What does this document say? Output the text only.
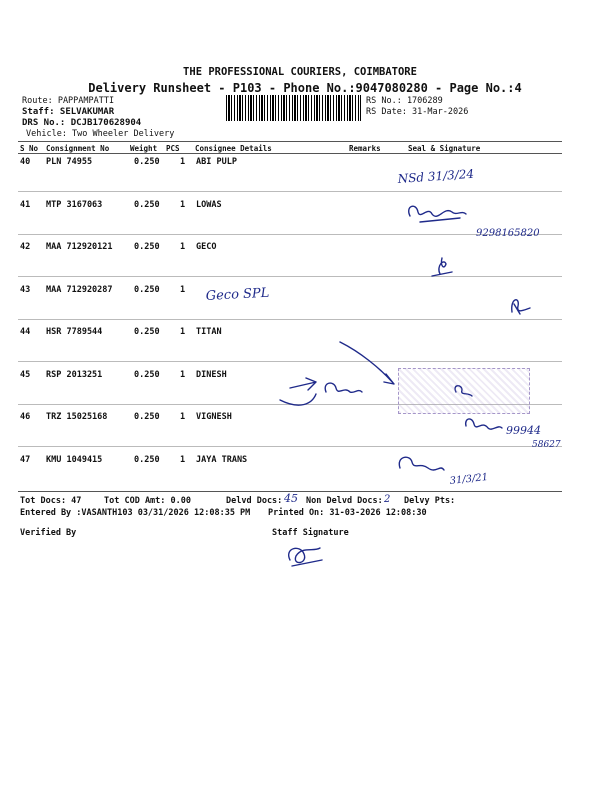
THE PROFESSIONAL COURIERS, COIMBATORE
Delivery Runsheet - P103 - Phone No.:9047080280 - Page No.:4
Route: PAPPAMPATTI
Staff: SELVAKUMAR
DRS No.: DCJB170628904
Vehicle: Two Wheeler Delivery
RS No.: 1706289
RS Date: 31-Mar-2026
S No Consignment No	Weight PCS Consignee Details	Remarks	Seal & Signature
40 PLN 74955	0.250 1 ABI PULP
41 MTP 3167063	0.250 1 LOWAS
42 MAA 712920121	0.250 1 GECO
43 MAA 712920287	0.250 1
44 HSR 7789544	0.250 1 TITAN
45 RSP 2013251	0.250 1 DINESH
46 TRZ 15025168	0.250 1 VIGNESH
47 KMU 1049415	0.250 1 JAYA TRANS
NSd 31/3/24
9298165820
Geco SPL
99944
58627
31/3/21
45	2
Tot Docs: 47	Tot COD Amt: 0.00	Delvd Docs:	Non Delvd Docs: Delvy Pts:
Entered By :VASANTH103 03/31/2026 12:08:35 PM Printed On: 31-03-2026 12:08:30
Verified By	Staff Signature
